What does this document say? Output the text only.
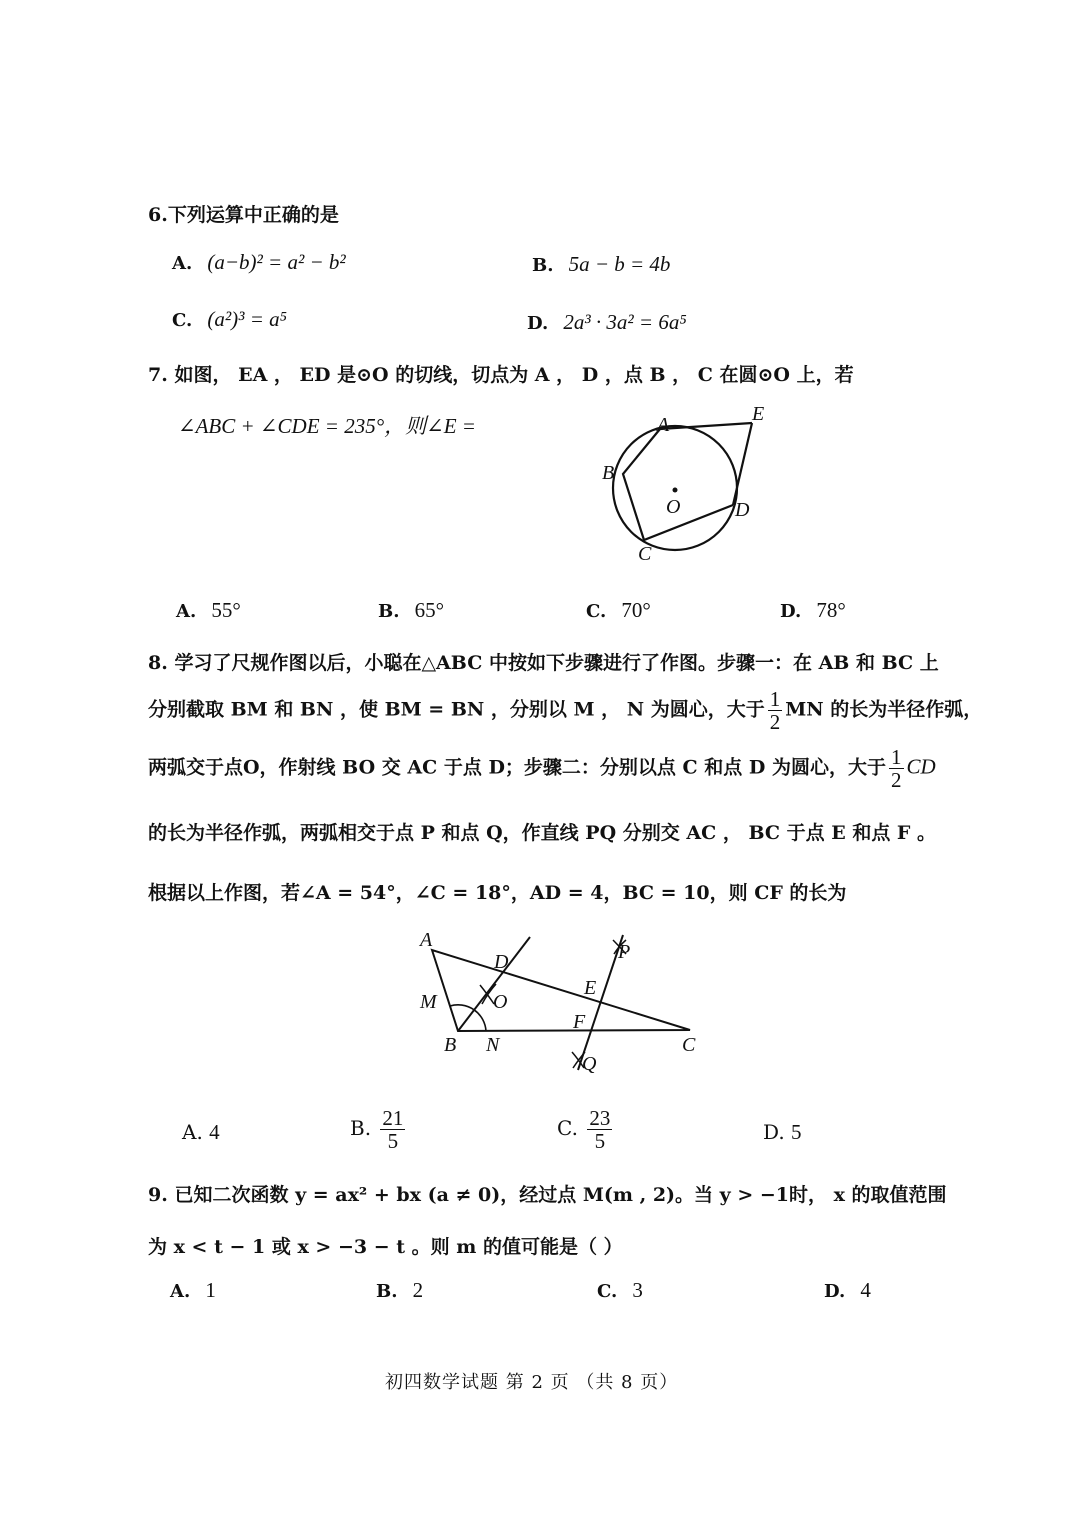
6.下列运算中正确的是
A. (a−b)² = a² − b²	B. 5a − b = 4b
C. (a²)³ = a⁵	D. 2a³ · 3a² = 6a⁵
7. 如图， EA ， ED 是⊙O 的切线，切点为 A ， D ，点 B ， C 在圆⊙O 上，若
∠ABC + ∠CDE = 235°，则∠E =	A	E
B
O	D
C
A. 55°	B. 65°	C. 70°	D. 78°
8. 学习了尺规作图以后，小聪在△ABC 中按如下步骤进行了作图。步骤一：在 AB 和 BC 上
分别截取 BM 和 BN ，使 BM = BN ，分别以 M ， N 为圆心，大于 $\frac{1}{2}$ MN 的长为半径作弧，
两弧交于点O，作射线 BO 交 AC 于点 D；步骤二：分别以点 C 和点 D 为圆心，大于 $\frac{1}{2}$ CD
的长为半径作弧，两弧相交于点 P 和点 Q，作直线 PQ 分别交 AC ， BC 于点 E 和点 F 。
根据以上作图，若∠A = 54°，∠C = 18°，AD = 4，BC = 10，则 CF 的长为
A
D	P
M	O
E
F
B N	C
Q
A. 4	B. $\frac{21}{5}$	C. $\frac{23}{5}$	D. 5
9. 已知二次函数 y = ax² + bx (a ≠ 0)，经过点 M(m , 2)。当 y > −1时， x 的取值范围
为 x < t − 1 或 x > −3 − t 。则 m 的值可能是（ ）
A. 1	B. 2	C. 3	D. 4
初四数学试题 第 2 页 （共 8 页）
